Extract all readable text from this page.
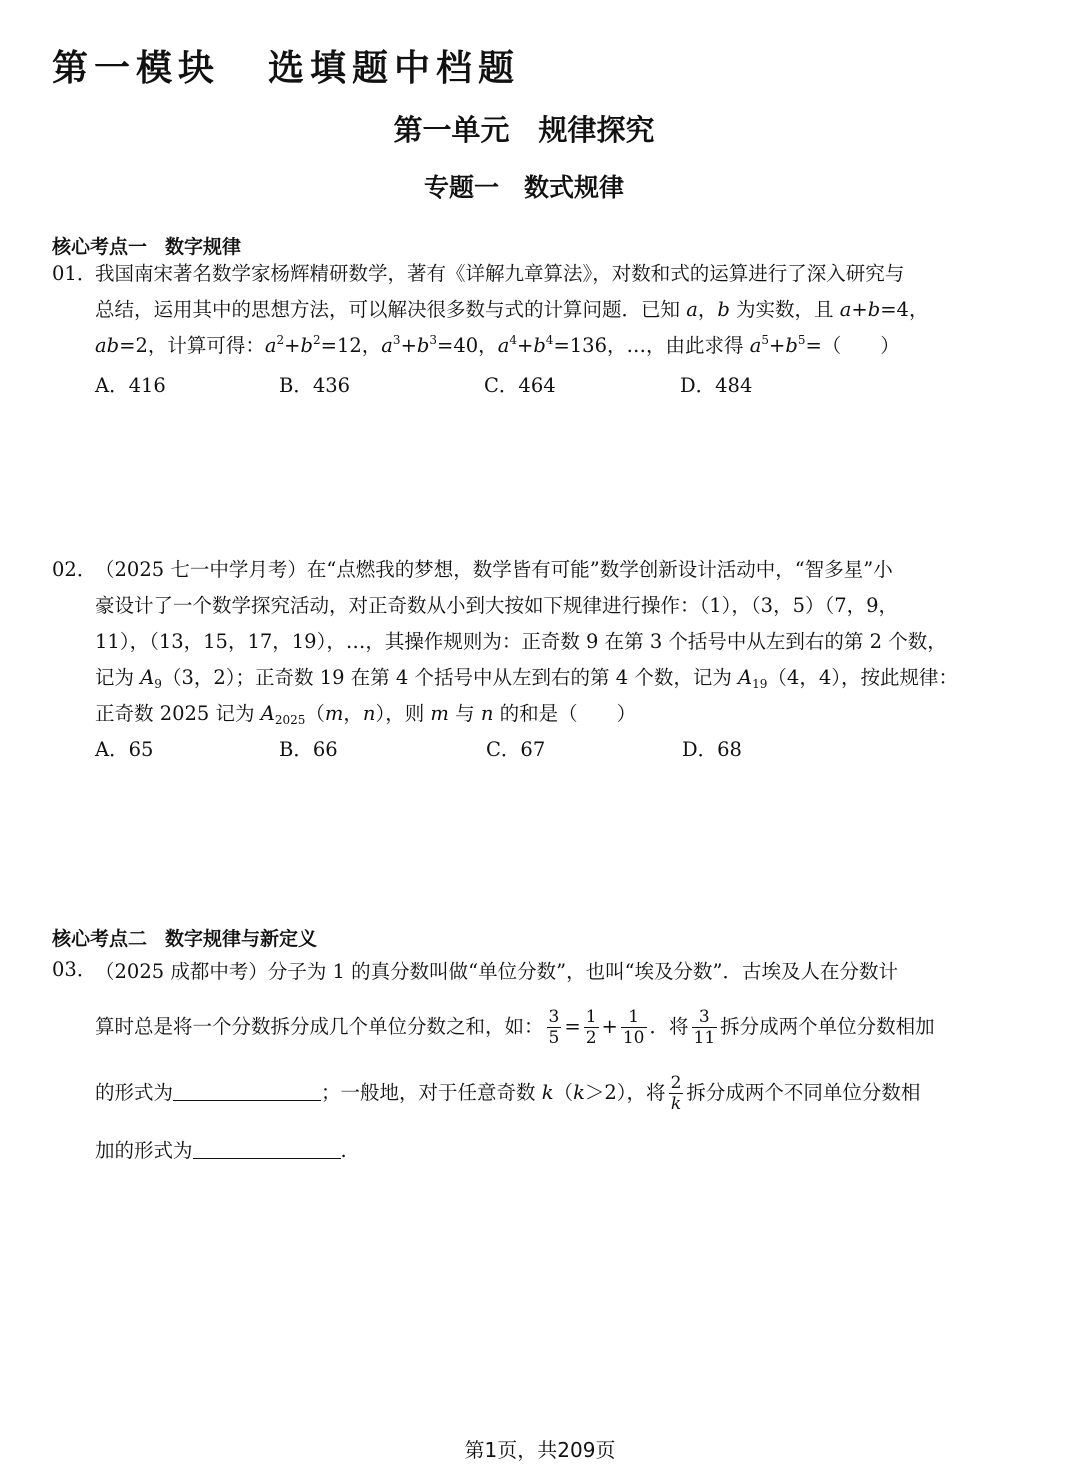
第一模块 选填题中档题
第一单元　规律探究
专题一　数式规律
核心考点一 数字规律
01．
我国南宋著名数学家杨辉精研数学，著有《详解九章算法》，对数和式的运算进行了深入研究与
总结，运用其中的思想方法，可以解决很多数与式的计算问题．已知 a，b 为实数，且 a+b=4，
ab=2，计算可得：$a^2+b^2=12$，$a^3+b^3=40$，$a^4+b^4=136$，…，由此求得 $a^5+b^5=$（　　）
A．416	B．436	C．464	D．484
02．
（2025 七一中学月考）在“点燃我的梦想，数学皆有可能”数学创新设计活动中，“智多星”小
豪设计了一个数学探究活动，对正奇数从小到大按如下规律进行操作：（1），（3，5）（7，9，
11），（13，15，17，19），…，其操作规则为：正奇数 9 在第 3 个括号中从左到右的第 2 个数，
记为 $A_9(3$，2）；正奇数 19 在第 4 个括号中从左到右的第 4 个数，记为 $A_{19}(4$，4），按此规律：
正奇数 2025 记为 $A_{2025}(m$，n），则 m 与 n 的和是（　　）
A．65	B．66	C．67	D．68
核心考点二 数字规律与新定义
03．
（2025 成都中考）分子为 1 的真分数叫做“单位分数”，也叫“埃及分数”．古埃及人在分数计
算时总是将一个分数拆分成几个单位分数之和，如： $\frac{3}{5} = \frac{1}{2} + \frac{1}{10}$ ．将 $\frac{3}{11}$ 拆分成两个单位分数相加
的形式为	；一般地，对于任意奇数 k（k＞2），将 $\frac{2}{k}$ 拆分成两个不同单位分数相
加的形式为	.
第1页，共209页
